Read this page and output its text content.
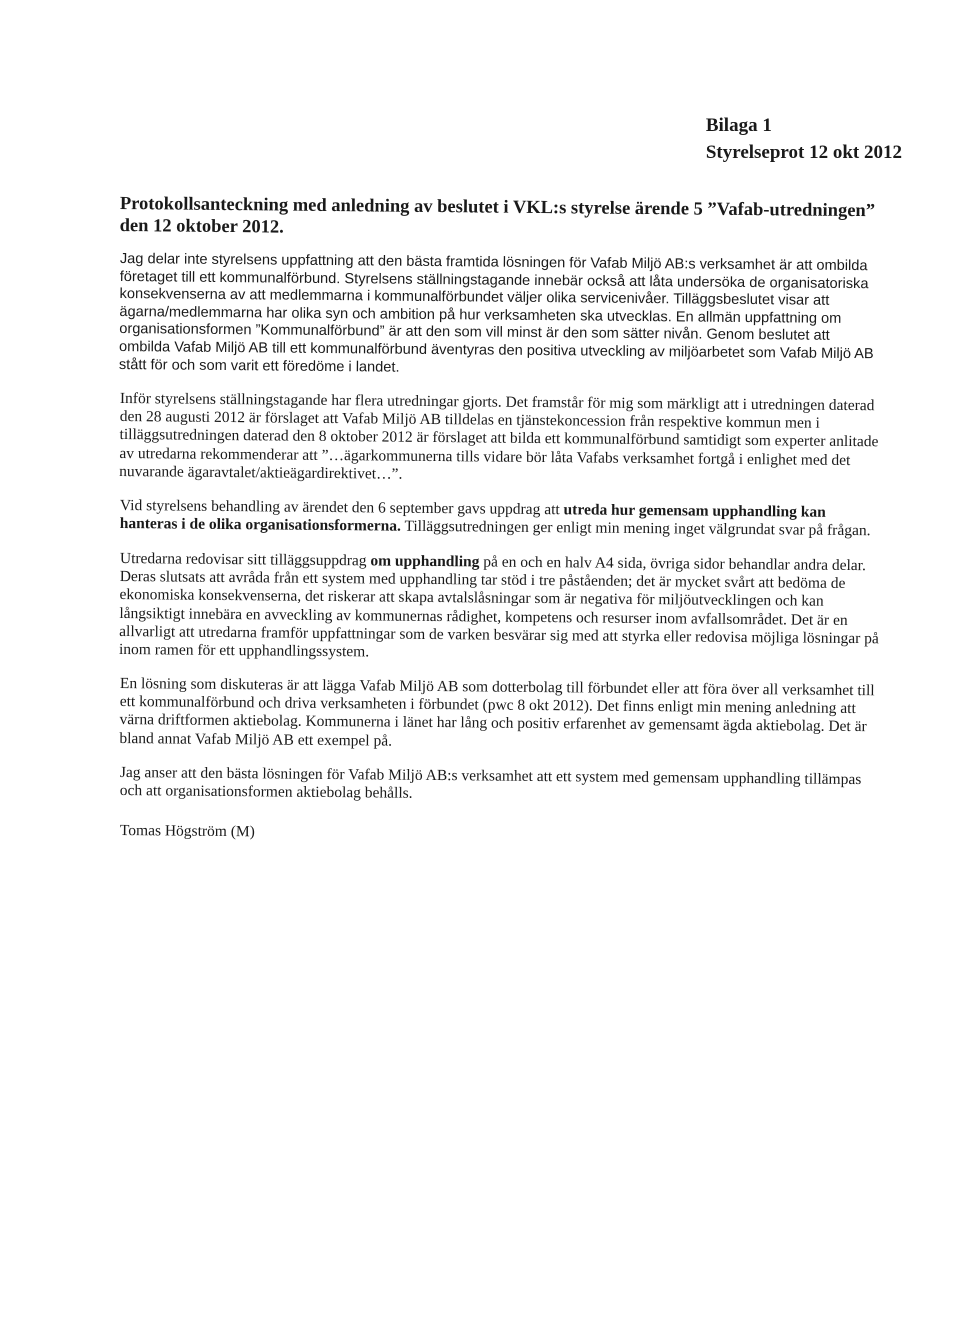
Bilaga 1
Styrelseprot 12 okt 2012
Protokollsanteckning med anledning av beslutet i VKL:s styrelse ärende 5 ”Vafab-utredningen” den 12 oktober 2012.

Jag delar inte styrelsens uppfattning att den bästa framtida lösningen för Vafab Miljö AB:s verksamhet är att ombilda företaget till ett kommunalförbund. Styrelsens ställningstagande innebär också att låta undersöka de organisatoriska konsekvenserna av att medlemmarna i kommunalförbundet väljer olika servicenivåer. Tilläggsbeslutet visar att ägarna/medlemmarna har olika syn och ambition på hur verksamheten ska utvecklas. En allmän uppfattning om organisationsformen ”Kommunalförbund” är att den som vill minst är den som sätter nivån. Genom beslutet att ombilda Vafab Miljö AB till ett kommunalförbund äventyras den positiva utveckling av miljöarbetet som Vafab Miljö AB stått för och som varit ett föredöme i landet.

Inför styrelsens ställningstagande har flera utredningar gjorts. Det framstår för mig som märkligt att i utredningen daterad den 28 augusti 2012 är förslaget att Vafab Miljö AB tilldelas en tjänstekoncession från respektive kommun men i tilläggsutredningen daterad den 8 oktober 2012 är förslaget att bilda ett kommunalförbund samtidigt som experter anlitade av utredarna rekommenderar att ”…ägarkommunerna tills vidare bör låta Vafabs verksamhet fortgå i enlighet med det nuvarande ägaravtalet/aktieägardirektivet…”.

Vid styrelsens behandling av ärendet den 6 september gavs uppdrag att utreda hur gemensam upphandling kan hanteras i de olika organisationsformerna. Tilläggsutredningen ger enligt min mening inget välgrundat svar på frågan.

Utredarna redovisar sitt tilläggsuppdrag om upphandling på en och en halv A4 sida, övriga sidor behandlar andra delar. Deras slutsats att avråda från ett system med upphandling tar stöd i tre påståenden; det är mycket svårt att bedöma de ekonomiska konsekvenserna, det riskerar att skapa avtalslåsningar som är negativa för miljöutvecklingen och kan långsiktigt innebära en avveckling av kommunernas rådighet, kompetens och resurser inom avfallsområdet. Det är en allvarligt att utredarna framför uppfattningar som de varken besvärar sig med att styrka eller redovisa möjliga lösningar på inom ramen för ett upphandlingssystem.

En lösning som diskuteras är att lägga Vafab Miljö AB som dotterbolag till förbundet eller att föra över all verksamhet till ett kommunalförbund och driva verksamheten i förbundet (pwc 8 okt 2012). Det finns enligt min mening anledning att värna driftformen aktiebolag. Kommunerna i länet har lång och positiv erfarenhet av gemensamt ägda aktiebolag. Det är bland annat Vafab Miljö AB ett exempel på.

Jag anser att den bästa lösningen för Vafab Miljö AB:s verksamhet att ett system med gemensam upphandling tillämpas och att organisationsformen aktiebolag behålls.

Tomas Högström (M)
